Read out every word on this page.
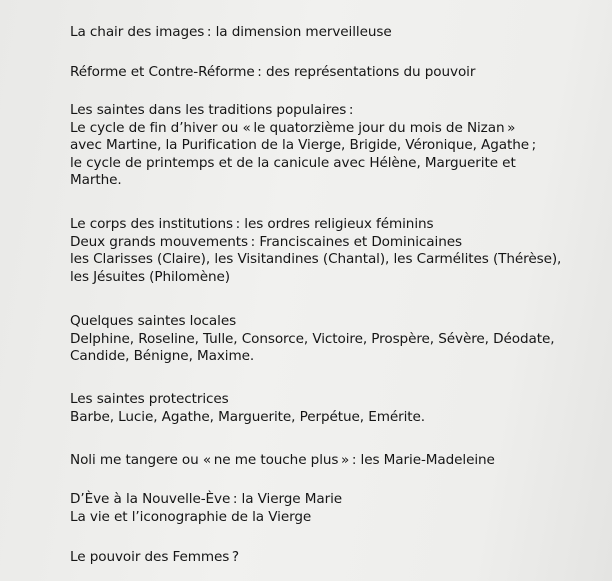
La chair des images : la dimension merveilleuse
Réforme et Contre-Réforme : des représentations du pouvoir
Les saintes dans les traditions populaires :
Le cycle de fin d’hiver ou « le quatorzième jour du mois de Nizan »
avec Martine, la Purification de la Vierge, Brigide, Véronique, Agathe ;
le cycle de printemps et de la canicule avec Hélène, Marguerite et
Marthe.
Le corps des institutions : les ordres religieux féminins
Deux grands mouvements : Franciscaines et Dominicaines
les Clarisses (Claire), les Visitandines (Chantal), les Carmélites (Thérèse),
les Jésuites (Philomène)
Quelques saintes locales
Delphine, Roseline, Tulle, Consorce, Victoire, Prospère, Sévère, Déodate,
Candide, Bénigne, Maxime.
Les saintes protectrices
Barbe, Lucie, Agathe, Marguerite, Perpétue, Emérite.
Noli me tangere ou « ne me touche plus » : les Marie-Madeleine
D’Ève à la Nouvelle-Ève : la Vierge Marie
La vie et l’iconographie de la Vierge
Le pouvoir des Femmes ?
